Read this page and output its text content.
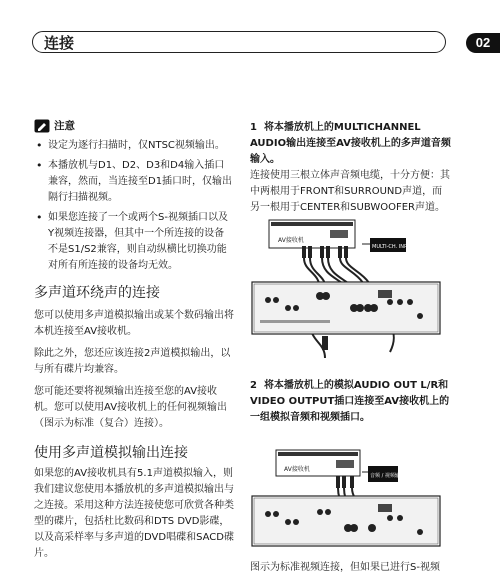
连接	02
注意
• 设定为逐行扫描时，仅NTSC视频输出。
• 本播放机与D1、D2、D3和D4输入插口兼容，然而，当连接至D1插口时，仅输出隔行扫描视频。
• 如果您连接了一个或两个S-视频插口以及Y视频连接器，但其中一个所连接的设备不是S1/S2兼容，则自动纵横比切换功能对所有所连接的设备均无效。
多声道环绕声的连接

您可以使用多声道模拟输出或某个数码输出将本机连接至AV接收机。

除此之外，您还应该连接2声道模拟输出，以与所有碟片均兼容。

您可能还要将视频输出连接至您的AV接收机。您可以使用AV接收机上的任何视频输出（图示为标准（复合）连接）。

使用多声道模拟输出连接

如果您的AV接收机具有5.1声道模拟输入，则我们建议您使用本播放机的多声道模拟输出与之连接。采用这种方法连接使您可欣赏各种类型的碟片，包括杜比数码和DTS DVD影碟，以及高采样率与多声道的DVD唱碟和SACD碟片。

1 将本播放机上的MULTICHANNEL AUDIO输出连接至AV接收机上的多声道音频输入。

连接使用三根立体声音频电缆，十分方便：其中两根用于FRONT和SURROUND声道，而另一根用于CENTER和SUBWOOFER声道。

AV接收机
MULTI-CH. INPUTS

2 将本播放机上的模拟AUDIO OUT L/R和VIDEO OUTPUT插口连接至AV接收机上的一组模拟音频和视频插口。

AV接收机
音频 / 视频输入

图示为标准视频连接，但如果已进行S-视频
